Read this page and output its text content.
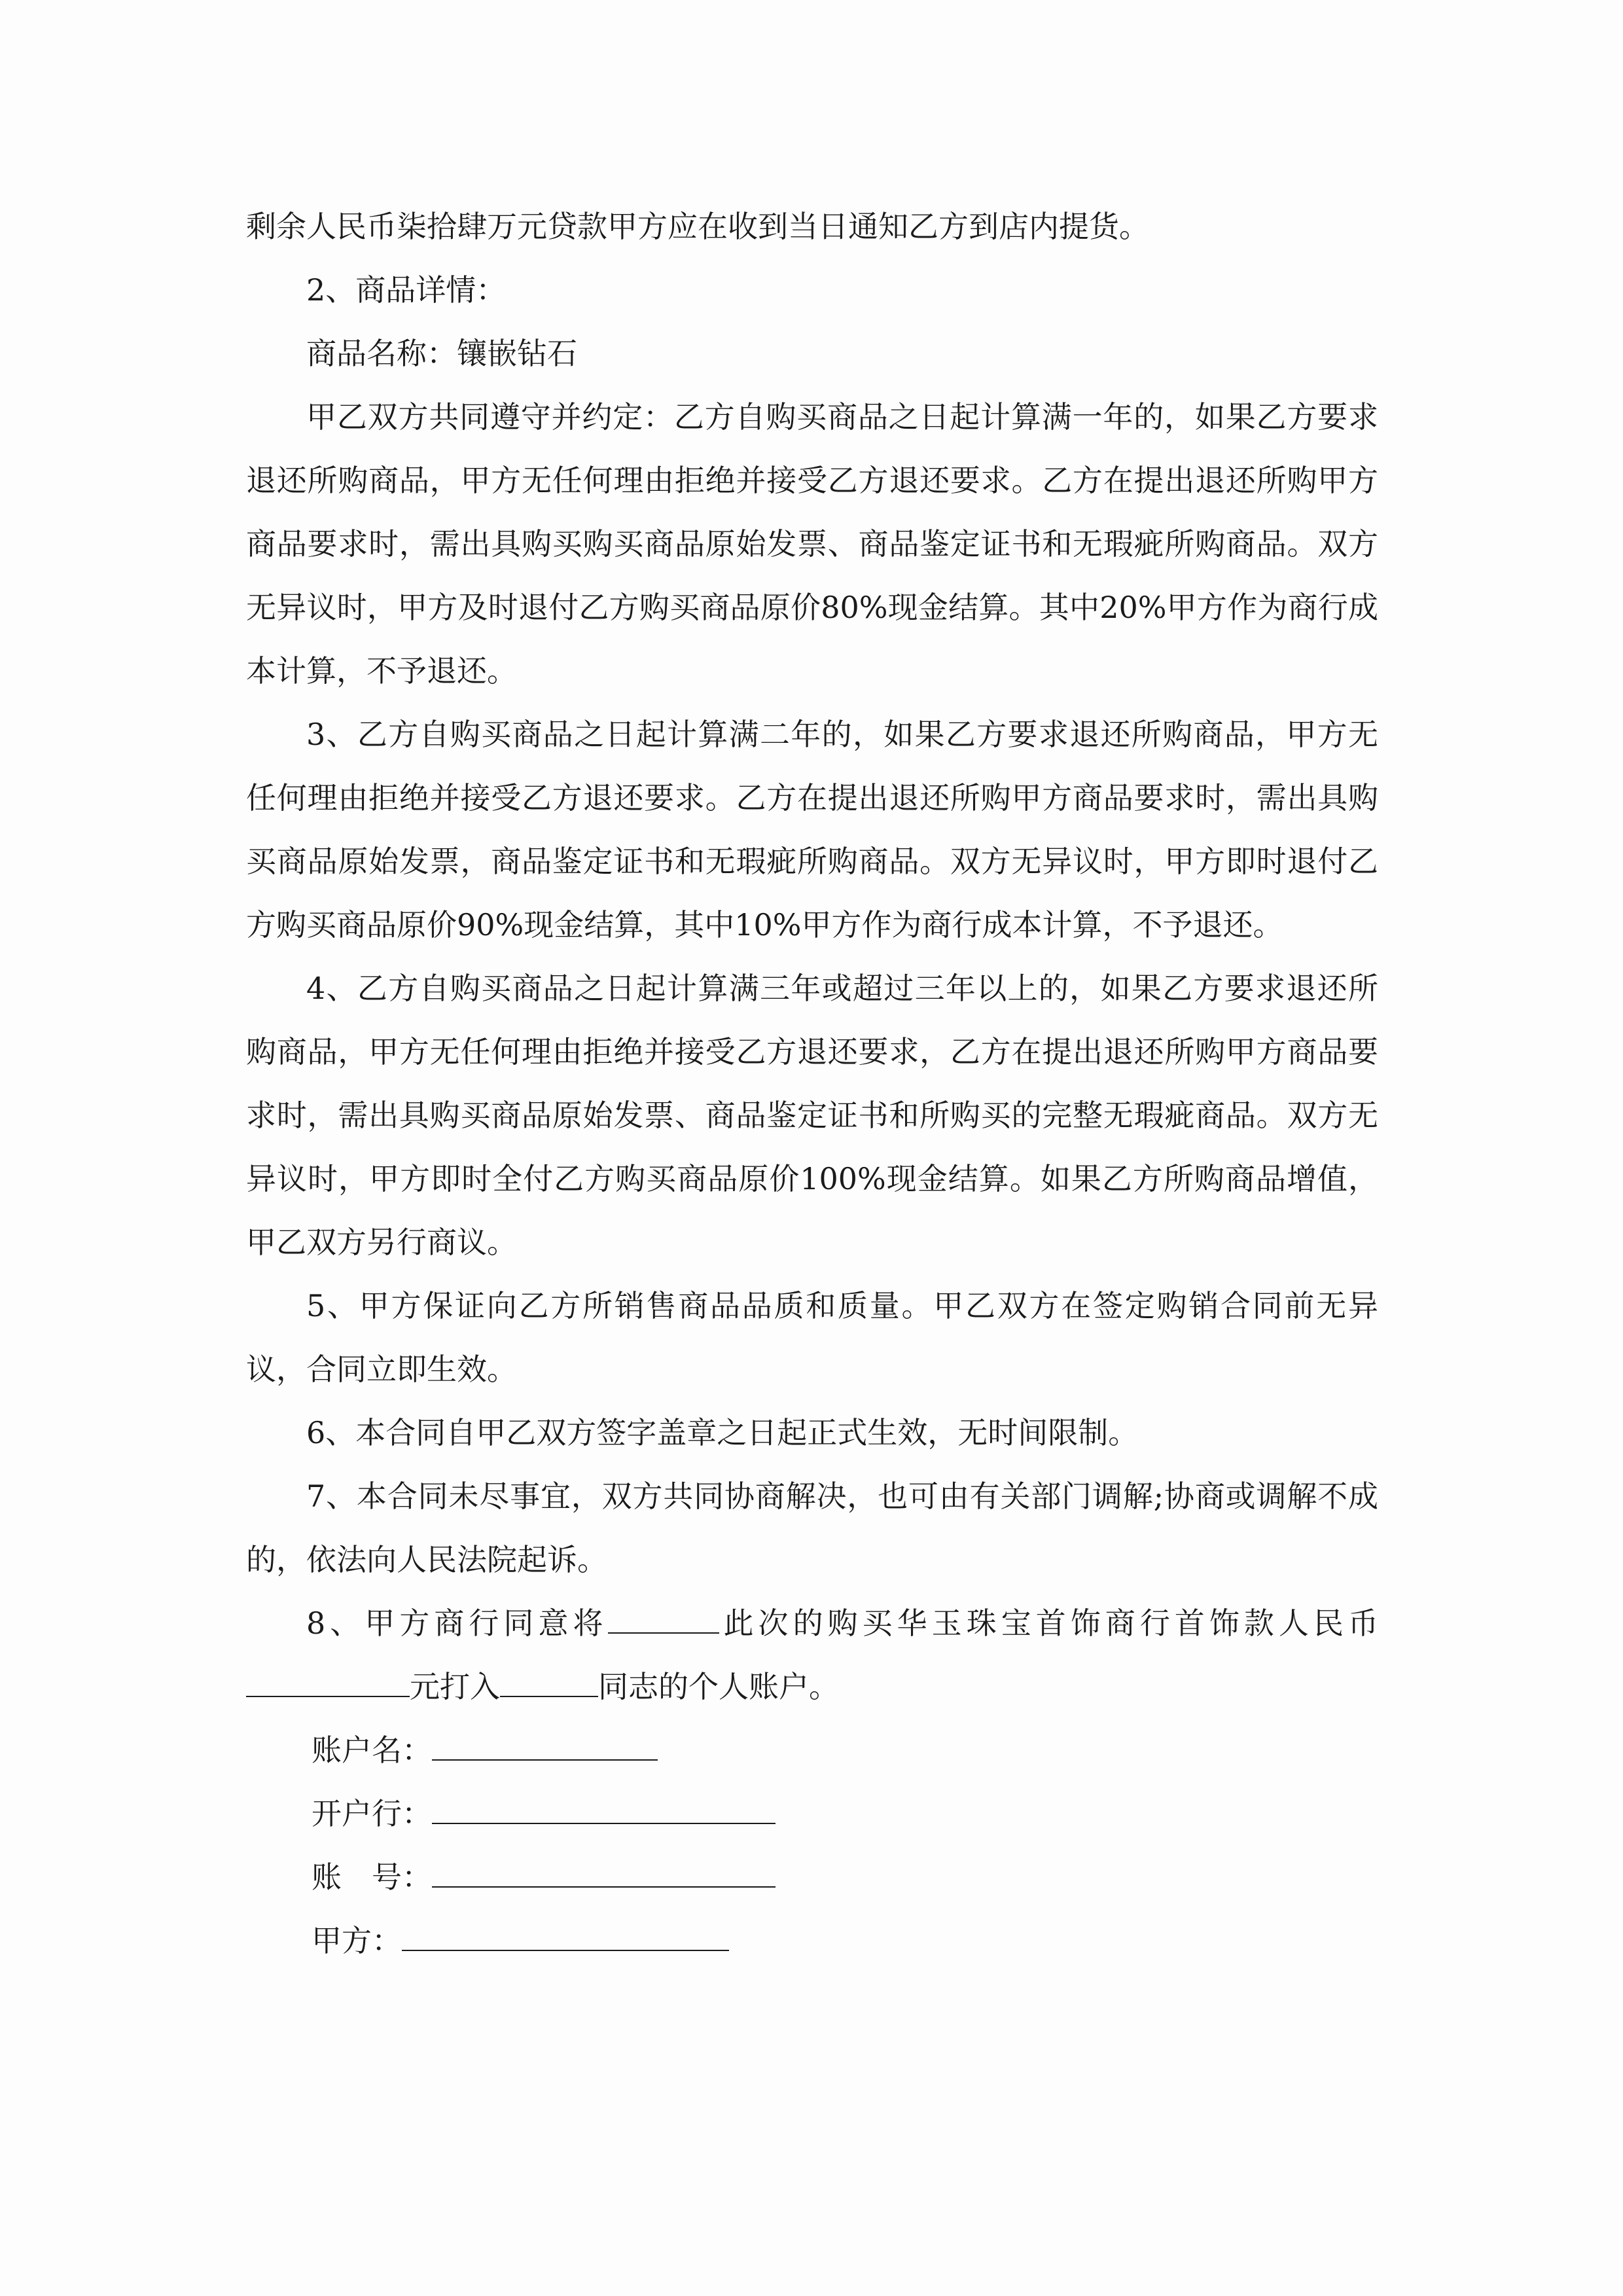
剩余人民币柒拾肆万元贷款甲方应在收到当日通知乙方到店内提货。

2、商品详情：

商品名称：镶嵌钻石

甲乙双方共同遵守并约定：乙方自购买商品之日起计算满一年的，如果乙方要求退还所购商品，甲方无任何理由拒绝并接受乙方退还要求。乙方在提出退还所购甲方商品要求时，需出具购买购买商品原始发票、商品鉴定证书和无瑕疵所购商品。双方无异议时，甲方及时退付乙方购买商品原价80%现金结算。其中20%甲方作为商行成本计算，不予退还。

3、乙方自购买商品之日起计算满二年的，如果乙方要求退还所购商品，甲方无任何理由拒绝并接受乙方退还要求。乙方在提出退还所购甲方商品要求时，需出具购买商品原始发票，商品鉴定证书和无瑕疵所购商品。双方无异议时，甲方即时退付乙方购买商品原价90%现金结算，其中10%甲方作为商行成本计算，不予退还。

4、乙方自购买商品之日起计算满三年或超过三年以上的，如果乙方要求退还所购商品，甲方无任何理由拒绝并接受乙方退还要求，乙方在提出退还所购甲方商品要求时，需出具购买商品原始发票、商品鉴定证书和所购买的完整无瑕疵商品。双方无异议时，甲方即时全付乙方购买商品原价100%现金结算。如果乙方所购商品增值，甲乙双方另行商议。

5、甲方保证向乙方所销售商品品质和质量。甲乙双方在签定购销合同前无异议，合同立即生效。

6、本合同自甲乙双方签字盖章之日起正式生效，无时间限制。

7、本合同未尽事宜，双方共同协商解决，也可由有关部门调解;协商或调解不成的，依法向人民法院起诉。

8、甲方商行同意将	此次的购买华玉珠宝首饰商行首饰款人民币元打入	同志的个人账户。

账户名：

开户行：

账　号：

甲方：
